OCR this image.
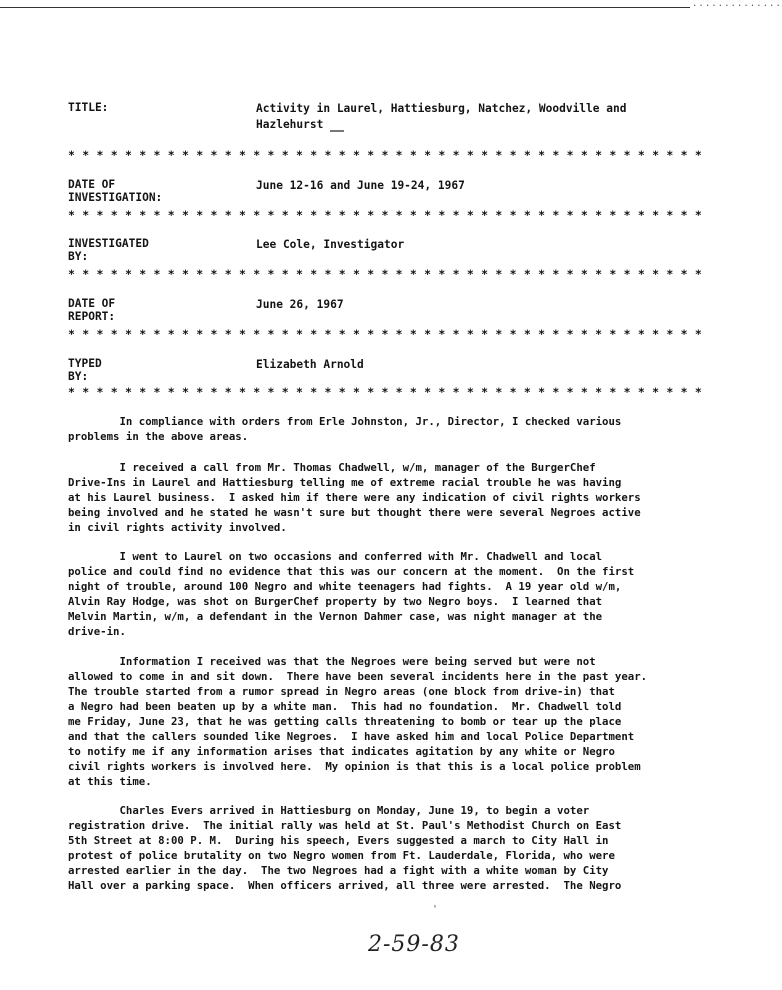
..............
TITLE:	Activity in Laurel, Hattiesburg, Natchez, Woodville and
Hazlehurst
* * * * * * * * * * * * * * * * * * * * * * * * * * * * * * * * * * * * * * * * * * * * *
DATE OF INVESTIGATION:
June 12-16 and June 19-24, 1967
* * * * * * * * * * * * * * * * * * * * * * * * * * * * * * * * * * * * * * * * * * * * *
INVESTIGATED BY:
Lee Cole, Investigator
* * * * * * * * * * * * * * * * * * * * * * * * * * * * * * * * * * * * * * * * * * * * *
DATE OF REPORT:
June 26, 1967
* * * * * * * * * * * * * * * * * * * * * * * * * * * * * * * * * * * * * * * * * * * * *
TYPED BY:
Elizabeth Arnold
* * * * * * * * * * * * * * * * * * * * * * * * * * * * * * * * * * * * * * * * * * * * *
In compliance with orders from Erle Johnston, Jr., Director, I checked various
problems in the above areas.
I received a call from Mr. Thomas Chadwell, w/m, manager of the BurgerChef
Drive-Ins in Laurel and Hattiesburg telling me of extreme racial trouble he was having
at his Laurel business.  I asked him if there were any indication of civil rights workers
being involved and he stated he wasn't sure but thought there were several Negroes active
in civil rights activity involved.
I went to Laurel on two occasions and conferred with Mr. Chadwell and local
police and could find no evidence that this was our concern at the moment.  On the first
night of trouble, around 100 Negro and white teenagers had fights.  A 19 year old w/m,
Alvin Ray Hodge, was shot on BurgerChef property by two Negro boys.  I learned that
Melvin Martin, w/m, a defendant in the Vernon Dahmer case, was night manager at the
drive-in.
Information I received was that the Negroes were being served but were not
allowed to come in and sit down.  There have been several incidents here in the past year.
The trouble started from a rumor spread in Negro areas (one block from drive-in) that
a Negro had been beaten up by a white man.  This had no foundation.  Mr. Chadwell told
me Friday, June 23, that he was getting calls threatening to bomb or tear up the place
and that the callers sounded like Negroes.  I have asked him and local Police Department
to notify me if any information arises that indicates agitation by any white or Negro
civil rights workers is involved here.  My opinion is that this is a local police problem
at this time.
Charles Evers arrived in Hattiesburg on Monday, June 19, to begin a voter
registration drive.  The initial rally was held at St. Paul's Methodist Church on East
5th Street at 8:00 P. M.  During his speech, Evers suggested a march to City Hall in
protest of police brutality on two Negro women from Ft. Lauderdale, Florida, who were
arrested earlier in the day.  The two Negroes had a fight with a white woman by City
Hall over a parking space.  When officers arrived, all three were arrested.  The Negro
'
2-59-83
